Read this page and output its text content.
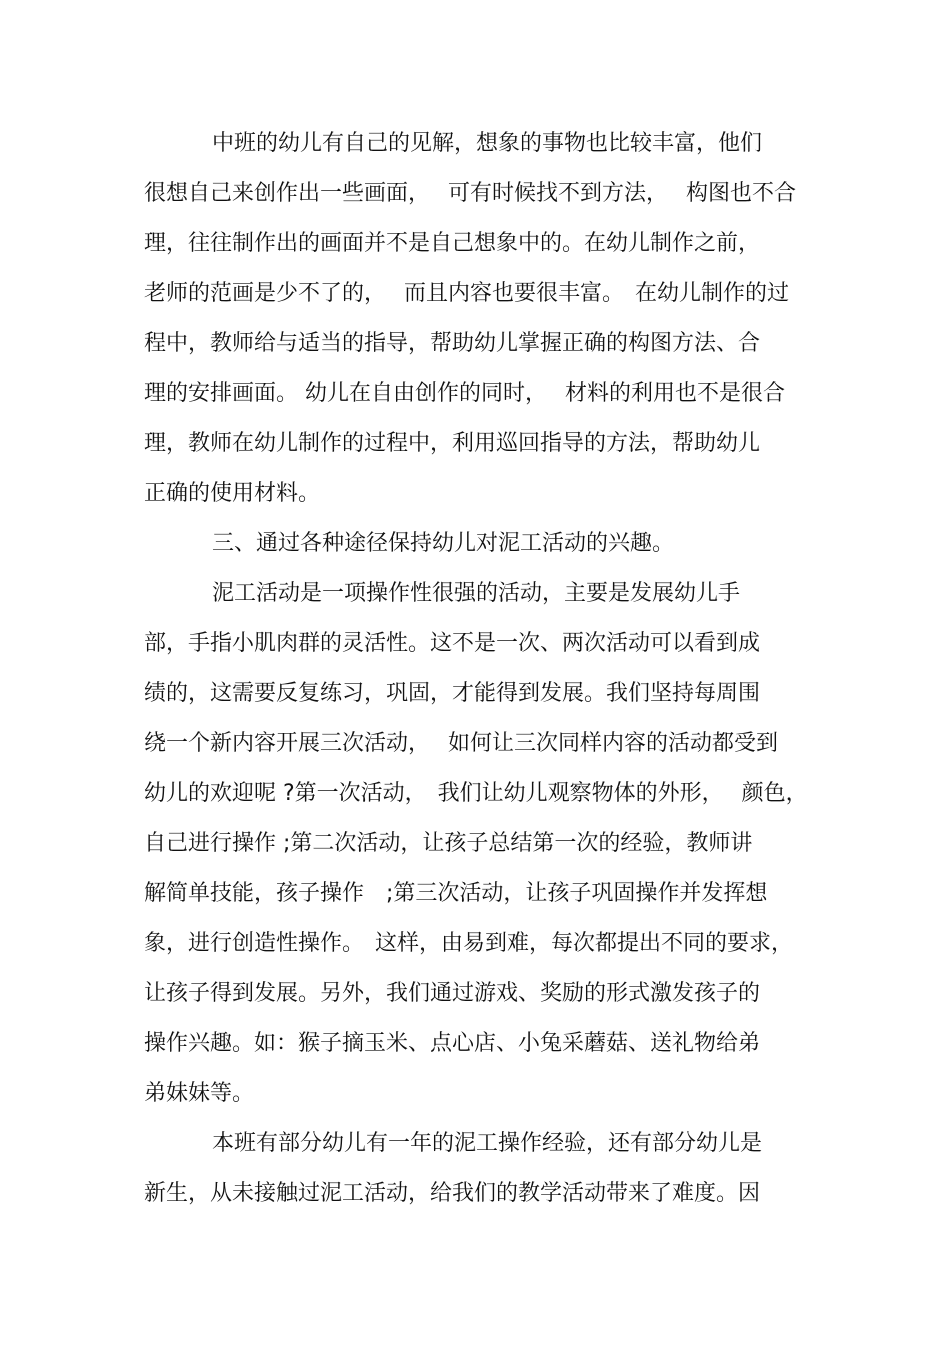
中班的幼儿有自己的见解，想象的事物也比较丰富，他们

很想自己来创作出一些画面，　 可有时候找不到方法，　 构图也不合

理，往往制作出的画面并不是自己想象中的。在幼儿制作之前，

老师的范画是少不了的，　 而且内容也要很丰富。　在幼儿制作的过

程中，教师给与适当的指导，帮助幼儿掌握正确的构图方法、合

理的安排画面。 幼儿在自由创作的同时，　 材料的利用也不是很合

理，教师在幼儿制作的过程中，利用巡回指导的方法，帮助幼儿

正确的使用材料。

三、通过各种途径保持幼儿对泥工活动的兴趣。

泥工活动是一项操作性很强的活动，主要是发展幼儿手

部，手指小肌肉群的灵活性。这不是一次、两次活动可以看到成

绩的，这需要反复练习，巩固，才能得到发展。我们坚持每周围

绕一个新内容开展三次活动，　 如何让三次同样内容的活动都受到

幼儿的欢迎呢 ?第一次活动，　我们让幼儿观察物体的外形，　 颜色，

自己进行操作 ;第二次活动，让孩子总结第一次的经验，教师讲

解简单技能，孩子操作　;第三次活动，让孩子巩固操作并发挥想

象，进行创造性操作。　这样，由易到难，每次都提出不同的要求，

让孩子得到发展。另外，我们通过游戏、奖励的形式激发孩子的

操作兴趣。如：猴子摘玉米、点心店、小兔采蘑菇、送礼物给弟

弟妹妹等。

本班有部分幼儿有一年的泥工操作经验，还有部分幼儿是

新生，从未接触过泥工活动，给我们的教学活动带来了难度。因
